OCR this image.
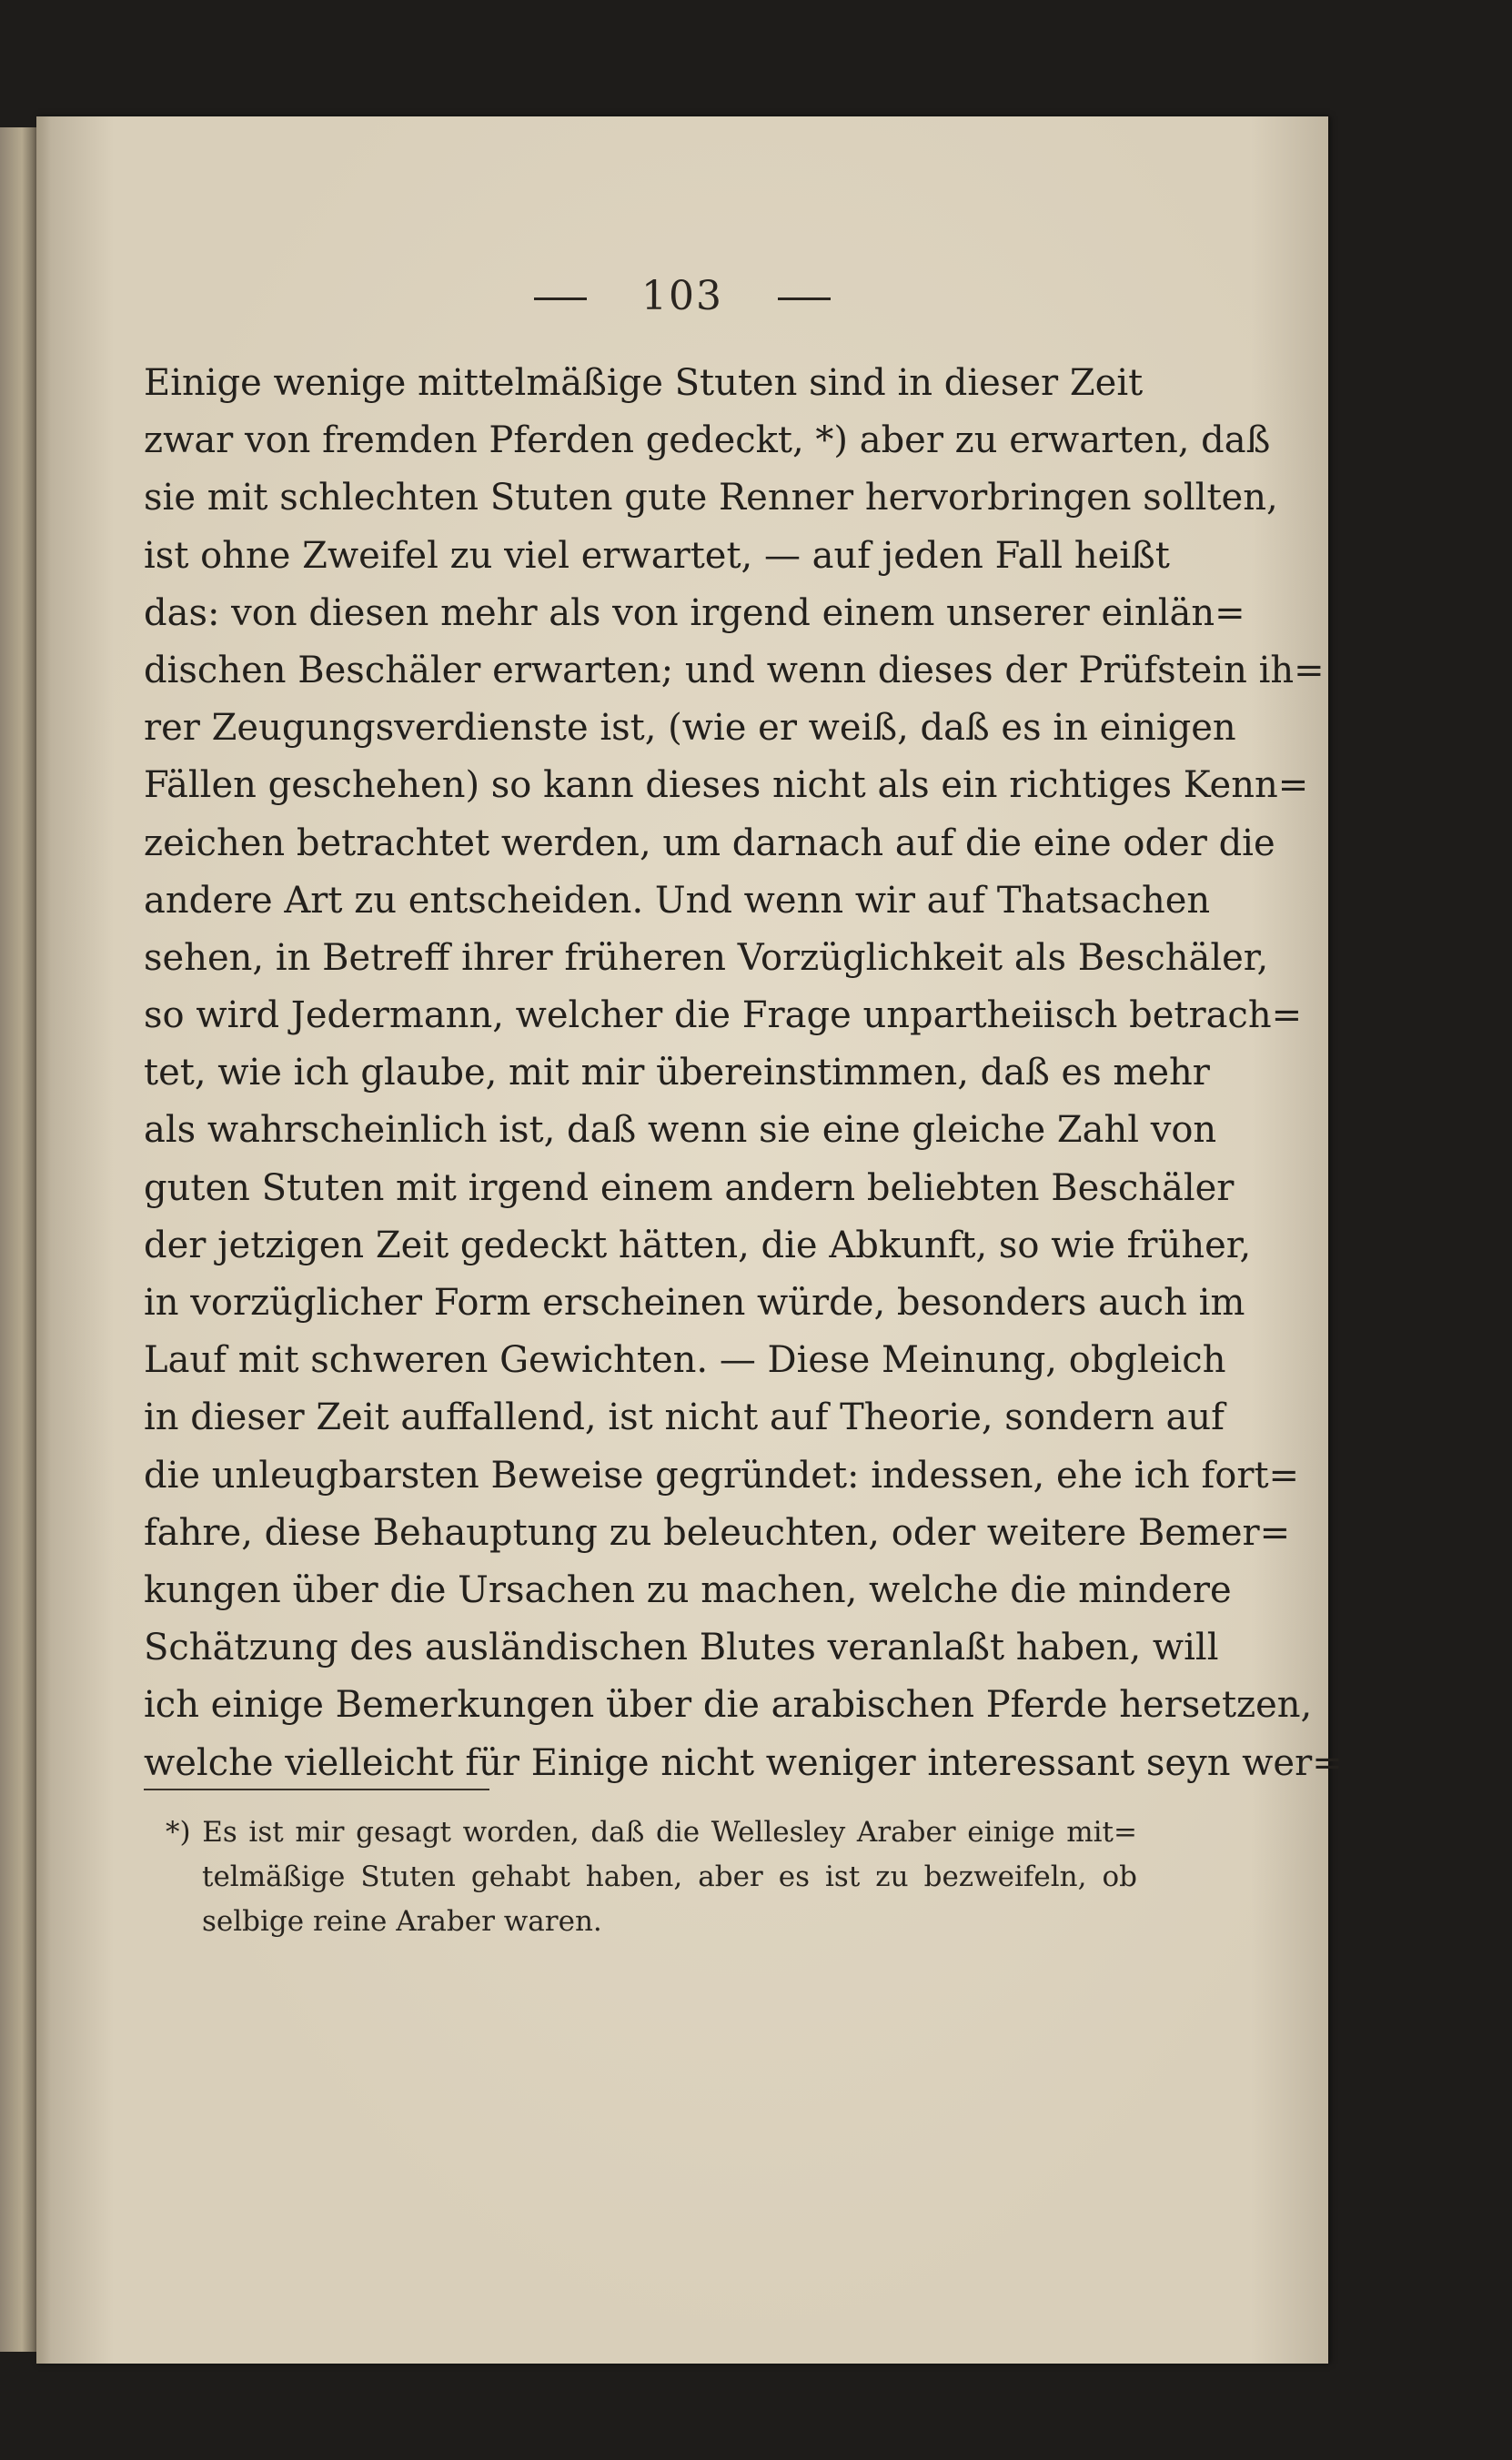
103
Einige wenige mittelmäßige Stuten sind in dieser Zeit
zwar von fremden Pferden gedeckt, *) aber zu erwarten, daß
sie mit schlechten Stuten gute Renner hervorbringen sollten,
ist ohne Zweifel zu viel erwartet, — auf jeden Fall heißt
das: von diesen mehr als von irgend einem unserer einlän=
dischen Beschäler erwarten; und wenn dieses der Prüfstein ih=
rer Zeugungsverdienste ist, (wie er weiß, daß es in einigen
Fällen geschehen) so kann dieses nicht als ein richtiges Kenn=
zeichen betrachtet werden, um darnach auf die eine oder die
andere Art zu entscheiden. Und wenn wir auf Thatsachen
sehen, in Betreff ihrer früheren Vorzüglichkeit als Beschäler,
so wird Jedermann, welcher die Frage unpartheiisch betrach=
tet, wie ich glaube, mit mir übereinstimmen, daß es mehr
als wahrscheinlich ist, daß wenn sie eine gleiche Zahl von
guten Stuten mit irgend einem andern beliebten Beschäler
der jetzigen Zeit gedeckt hätten, die Abkunft, so wie früher,
in vorzüglicher Form erscheinen würde, besonders auch im
Lauf mit schweren Gewichten. — Diese Meinung, obgleich
in dieser Zeit auffallend, ist nicht auf Theorie, sondern auf
die unleugbarsten Beweise gegründet: indessen, ehe ich fort=
fahre, diese Behauptung zu beleuchten, oder weitere Bemer=
kungen über die Ursachen zu machen, welche die mindere
Schätzung des ausländischen Blutes veranlaßt haben, will
ich einige Bemerkungen über die arabischen Pferde hersetzen,
welche vielleicht für Einige nicht weniger interessant seyn wer=
*) Es ist mir gesagt worden, daß die Wellesley Araber einige mit=
telmäßige Stuten gehabt haben, aber es ist zu bezweifeln, ob
selbige reine Araber waren.
